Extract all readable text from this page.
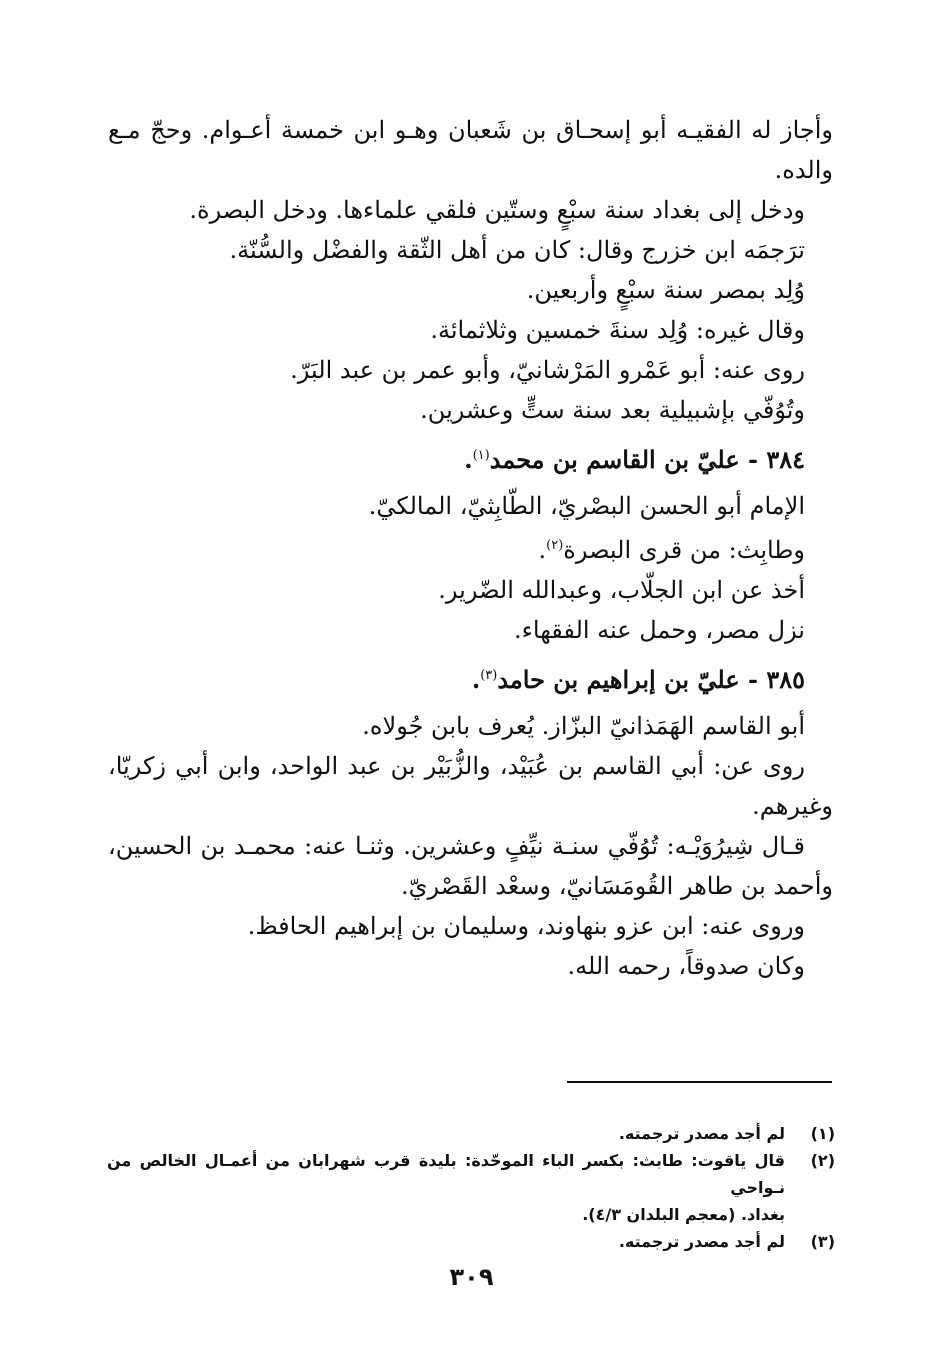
وأجاز له الفقيـه أبو إسحـاق بن شَعبان وهـو ابن خمسة أعـوام. وحجّ مـع
والده.
ودخل إلى بغداد سنة سبْعٍ وستّين فلقي علماءها. ودخل البصرة.
ترَجمَه ابن خزرج وقال: كان من أهل الثّقة والفضْل والسُّنّة.
وُلِد بمصر سنة سبْعٍ وأربعين.
وقال غيره: وُلِد سنةَ خمسين وثلاثمائة.
روى عنه: أبو عَمْرو المَرْشانيّ، وأبو عمر بن عبد البَرّ.
وتُوُفّي بإشبيلية بعد سنة ستٍّ وعشرين.
٣٨٤ - عليّ بن القاسم بن محمد$^{(١)}$.
الإمام أبو الحسن البصْريّ، الطّابِثيّ، المالكيّ.
وطابِث: من قرى البصرة$^{(٢)}$.
أخذ عن ابن الجلّاب، وعبدالله الضّرير.
نزل مصر، وحمل عنه الفقهاء.
٣٨٥ - عليّ بن إبراهيم بن حامد$^{(٣)}$.
أبو القاسم الهَمَذانيّ البزّاز. يُعرف بابن جُولاه.
روى عن: أبي القاسم بن عُبَيْد، والزُّبَيْر بن عبد الواحد، وابن أبي زكريّا،
وغيرهم.
قـال شِيرُوَيْـه: تُوُفّي سنـة نيِّفٍ وعشرين. وثنـا عنه: محمـد بن الحسين،
وأحمد بن طاهر القُومَسَانيّ، وسعْد القَصْريّ.
وروى عنه: ابن عزو بنهاوند، وسليمان بن إبراهيم الحافظ.
وكان صدوقاً، رحمه الله.
(١)
لم أجد مصدر ترجمته.
(٢)
قال ياقوت: طابث: بكسر الباء الموحّدة: بليدة قرب شهرابان من أعمـال الخالص من نـواحي
بغداد. (معجم البلدان ٤/٣).
(٣)
لم أجد مصدر ترجمته.
٣٠٩
